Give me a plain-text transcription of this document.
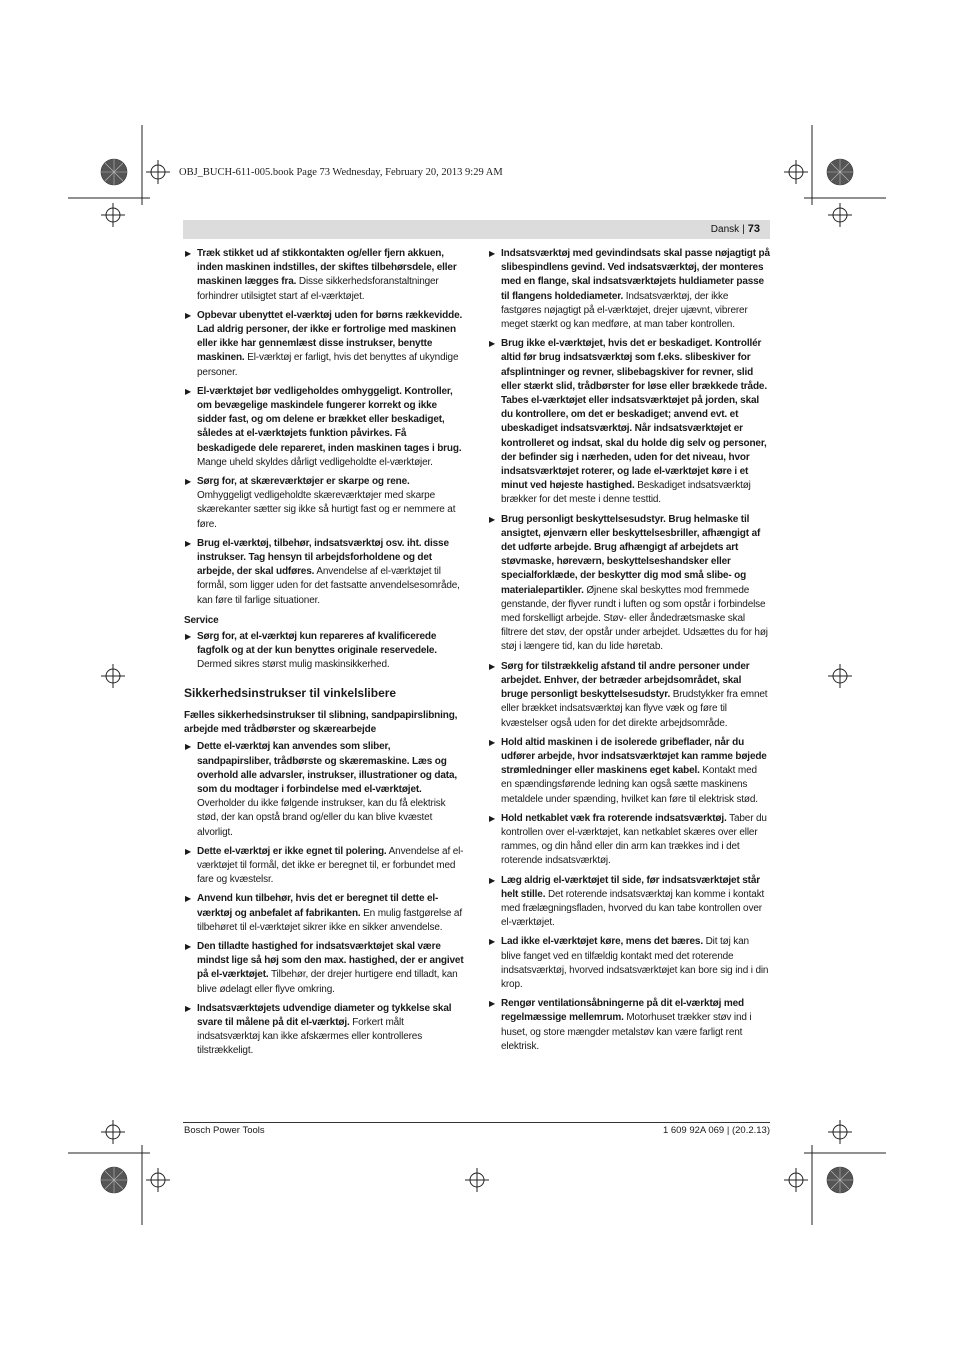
OBJ_BUCH-611-005.book Page 73 Wednesday, February 20, 2013 9:29 AM
Dansk | 73
▶ Træk stikket ud af stikkontakten og/eller fjern akkuen, inden maskinen indstilles, der skiftes tilbehørsdele, eller maskinen lægges fra. Disse sikkerhedsforanstaltninger forhindrer utilsigtet start af el-værktøjet.
▶ Opbevar ubenyttet el-værktøj uden for børns rækkevidde. Lad aldrig personer, der ikke er fortrolige med maskinen eller ikke har gennemlæst disse instrukser, benytte maskinen. El-værktøj er farligt, hvis det benyttes af ukyndige personer.
▶ El-værktøjet bør vedligeholdes omhyggeligt. Kontroller, om bevægelige maskindele fungerer korrekt og ikke sidder fast, og om delene er brækket eller beskadiget, således at el-værktøjets funktion påvirkes. Få beskadigede dele repareret, inden maskinen tages i brug. Mange uheld skyldes dårligt vedligeholdte el-værktøjer.
▶ Sørg for, at skæreværktøjer er skarpe og rene. Omhyggeligt vedligeholdte skæreværktøjer med skarpe skærekanter sætter sig ikke så hurtigt fast og er nemmere at føre.
▶ Brug el-værktøj, tilbehør, indsatsværktøj osv. iht. disse instrukser. Tag hensyn til arbejdsforholdene og det arbejde, der skal udføres. Anvendelse af el-værktøjet til formål, som ligger uden for det fastsatte anvendelsesområde, kan føre til farlige situationer.
Service
▶ Sørg for, at el-værktøj kun repareres af kvalificerede fagfolk og at der kun benyttes originale reservedele. Dermed sikres størst mulig maskinsikkerhed.
Sikkerhedsinstrukser til vinkelslibere
Fælles sikkerhedsinstrukser til slibning, sandpapirslibning, arbejde med trådbørster og skærearbejde
▶ Dette el-værktøj kan anvendes som sliber, sandpapirsliber, trådbørste og skæremaskine. Læs og overhold alle advarsler, instrukser, illustrationer og data, som du modtager i forbindelse med el-værktøjet. Overholder du ikke følgende instrukser, kan du få elektrisk stød, der kan opstå brand og/eller du kan blive kvæstet alvorligt.
▶ Dette el-værktøj er ikke egnet til polering. Anvendelse af el-værktøjet til formål, det ikke er beregnet til, er forbundet med fare og kvæstelsr.
▶ Anvend kun tilbehør, hvis det er beregnet til dette el-værktøj og anbefalet af fabrikanten. En mulig fastgørelse af tilbehøret til el-værktøjet sikrer ikke en sikker anvendelse.
▶ Den tilladte hastighed for indsatsværktøjet skal være mindst lige så høj som den max. hastighed, der er angivet på el-værktøjet. Tilbehør, der drejer hurtigere end tilladt, kan blive ødelagt eller flyve omkring.
▶ Indsatsværktøjets udvendige diameter og tykkelse skal svare til målene på dit el-værktøj. Forkert målt indsatsværktøj kan ikke afskærmes eller kontrolleres tilstrækkeligt.
▶ Indsatsværktøj med gevindindsats skal passe nøjagtigt på slibespindlens gevind. Ved indsatsværktøj, der monteres med en flange, skal indsatsværktøjets huldiameter passe til flangens holdediameter. Indsatsværktøj, der ikke fastgøres nøjagtigt på el-værktøjet, drejer ujævnt, vibrerer meget stærkt og kan medføre, at man taber kontrollen.
▶ Brug ikke el-værktøjet, hvis det er beskadiget. Kontrollér altid før brug indsatsværktøj som f.eks. slibeskiver for afsplintninger og revner, slibebagskiver for revner, slid eller stærkt slid, trådbørster for løse eller brækkede tråde. Tabes el-værktøjet eller indsatsværktøjet på jorden, skal du kontrollere, om det er beskadiget; anvend evt. et ubeskadiget indsatsværktøj. Når indsatsværktøjet er kontrolleret og indsat, skal du holde dig selv og personer, der befinder sig i nærheden, uden for det niveau, hvor indsatsværktøjet roterer, og lade el-værktøjet køre i et minut ved højeste hastighed. Beskadiget indsatsværktøj brækker for det meste i denne testtid.
▶ Brug personligt beskyttelsesudstyr. Brug helmaske til ansigtet, øjenværn eller beskyttelsesbriller, afhængigt af det udførte arbejde. Brug afhængigt af arbejdets art støvmaske, høreværn, beskyttelseshandsker eller specialforklæde, der beskytter dig mod små slibe- og materialepartikler. Øjnene skal beskyttes mod fremmede genstande, der flyver rundt i luften og som opstår i forbindelse med forskelligt arbejde. Støv- eller åndedrætsmaske skal filtrere det støv, der opstår under arbejdet. Udsættes du for høj støj i længere tid, kan du lide høretab.
▶ Sørg for tilstrækkelig afstand til andre personer under arbejdet. Enhver, der betræder arbejdsområdet, skal bruge personligt beskyttelsesudstyr. Brudstykker fra emnet eller brækket indsatsværktøj kan flyve væk og føre til kvæstelser også uden for det direkte arbejdsområde.
▶ Hold altid maskinen i de isolerede gribeflader, når du udfører arbejde, hvor indsatsværktøjet kan ramme bøjede strømledninger eller maskinens eget kabel. Kontakt med en spændingsførende ledning kan også sætte maskinens metaldele under spænding, hvilket kan føre til elektrisk stød.
▶ Hold netkablet væk fra roterende indsatsværktøj. Taber du kontrollen over el-værktøjet, kan netkablet skæres over eller rammes, og din hånd eller din arm kan trækkes ind i det roterende indsatsværktøj.
▶ Læg aldrig el-værktøjet til side, før indsatsværktøjet står helt stille. Det roterende indsatsværktøj kan komme i kontakt med frælægningsfladen, hvorved du kan tabe kontrollen over el-værktøjet.
▶ Lad ikke el-værktøjet køre, mens det bæres. Dit tøj kan blive fanget ved en tilfældig kontakt med det roterende indsatsværktøj, hvorved indsatsværktøjet kan bore sig ind i din krop.
▶ Rengør ventilationsåbningerne på dit el-værktøj med regelmæssige mellemrum. Motorhuset trækker støv ind i huset, og store mængder metalstøv kan være farligt rent elektrisk.
Bosch Power Tools	1 609 92A 069 | (20.2.13)
